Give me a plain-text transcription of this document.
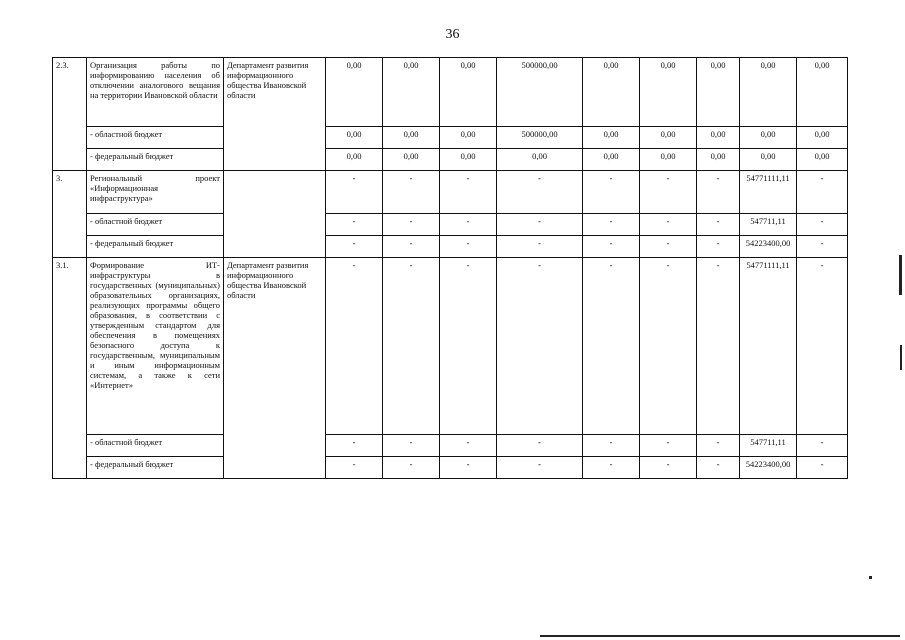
36
2.3.	Организация работы по информированию населения об отключении аналогового вещания на территории Ивановской области	Департамент развития информационного общества Ивановской области	0,00	0,00	0,00	500000,00	0,00	0,00	0,00	0,00	0,00
	- областной бюджет		0,00	0,00	0,00	500000,00	0,00	0,00	0,00	0,00	0,00
	- федеральный бюджет		0,00	0,00	0,00	0,00	0,00	0,00	0,00	0,00	0,00
3.	Региональный проект «Информационная инфраструктура»		-	-	-	-	-	-	-	54771111,11	-
	- областной бюджет		-	-	-	-	-	-	-	547711,11	-
	- федеральный бюджет		-	-	-	-	-	-	-	54223400,00	-
3.1.	Формирование ИТ-инфраструктуры в государственных (муниципальных) образовательных организациях, реализующих программы общего образования, в соответствии с утвержденным стандартом для обеспечения в помещениях безопасного доступа к государственным, муниципальным и иным информационным системам, а также к сети «Интернет»	Департамент развития информационного общества Ивановской области	-	-	-	-	-	-	-	54771111,11	-
	- областной бюджет		-	-	-	-	-	-	-	547711,11	-
	- федеральный бюджет		-	-	-	-	-	-	-	54223400,00	-
